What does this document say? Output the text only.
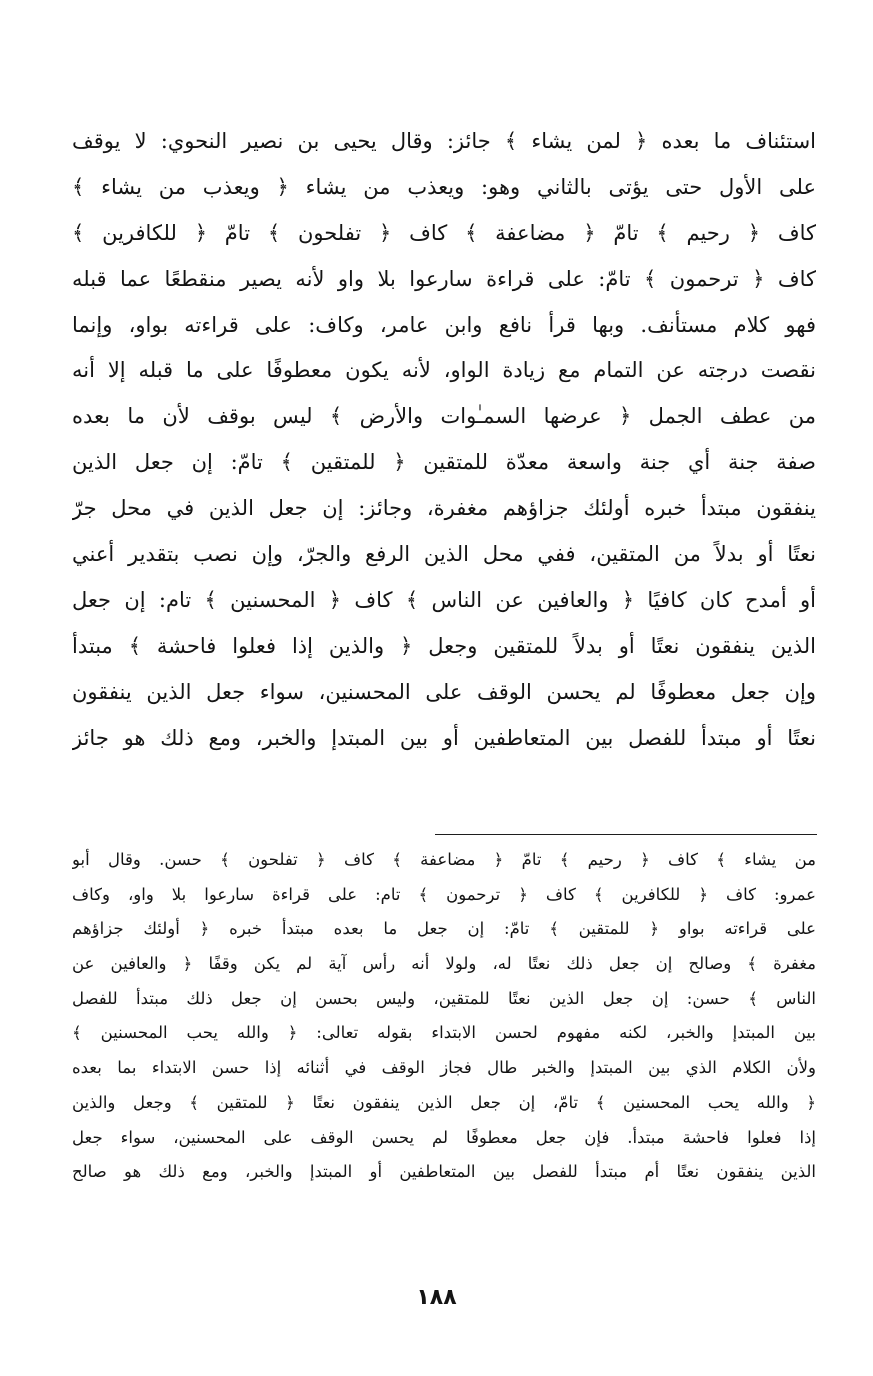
استئناف ما بعده ﴿ لمن يشاء ﴾ جائز: وقال يحيى بن نصير النحوي: لا يوقف
على الأول حتى يؤتى بالثاني وهو: ويعذب من يشاء ﴿ ويعذب من يشاء ﴾
كاف ﴿ رحيم ﴾ تامّ ﴿ مضاعفة ﴾ كاف ﴿ تفلحون ﴾ تامّ ﴿ للكافرين ﴾
كاف ﴿ ترحمون ﴾ تامّ: على قراءة سارعوا بلا واو لأنه يصير منقطعًا عما قبله
فهو كلام مستأنف. وبها قرأ نافع وابن عامر، وكاف: على قراءته بواو، وإنما
نقصت درجته عن التمام مع زيادة الواو، لأنه يكون معطوفًا على ما قبله إلا أنه
من عطف الجمل ﴿ عرضها السمـٰوات والأرض ﴾ ليس بوقف لأن ما بعده
صفة جنة أي جنة واسعة معدّة للمتقين ﴿ للمتقين ﴾ تامّ: إن جعل الذين
ينفقون مبتدأ خبره أولئك جزاؤهم مغفرة، وجائز: إن جعل الذين في محل جرّ
نعتًا أو بدلاً من المتقين، ففي محل الذين الرفع والجرّ، وإن نصب بتقدير أعني
أو أمدح كان كافيًا ﴿ والعافين عن الناس ﴾ كاف ﴿ المحسنين ﴾ تام: إن جعل
الذين ينفقون نعتًا أو بدلاً للمتقين وجعل ﴿ والذين إذا فعلوا فاحشة ﴾ مبتدأ
وإن جعل معطوفًا لم يحسن الوقف على المحسنين، سواء جعل الذين ينفقون
نعتًا أو مبتدأ للفصل بين المتعاطفين أو بين المبتدإ والخبر، ومع ذلك هو جائز
من يشاء ﴾ كاف ﴿ رحيم ﴾ تامّ ﴿ مضاعفة ﴾ كاف ﴿ تفلحون ﴾ حسن. وقال أبو
عمرو: كاف ﴿ للكافرين ﴾ كاف ﴿ ترحمون ﴾ تام: على قراءة سارعوا بلا واو، وكاف
على قراءته بواو ﴿ للمتقين ﴾ تامّ: إن جعل ما بعده مبتدأ خبره ﴿ أولئك جزاؤهم
مغفرة ﴾ وصالح إن جعل ذلك نعتًا له، ولولا أنه رأس آية لم يكن وقفًا ﴿ والعافين عن
الناس ﴾ حسن: إن جعل الذين نعتًا للمتقين، وليس بحسن إن جعل ذلك مبتدأ للفصل
بين المبتدإ والخبر، لكنه مفهوم لحسن الابتداء بقوله تعالى: ﴿ والله يحب المحسنين ﴾
ولأن الكلام الذي بين المبتدإ والخبر طال فجاز الوقف في أثنائه إذا حسن الابتداء بما بعده
﴿ والله يحب المحسنين ﴾ تامّ، إن جعل الذين ينفقون نعتًا ﴿ للمتقين ﴾ وجعل والذين
إذا فعلوا فاحشة مبتدأ. فإن جعل معطوفًا لم يحسن الوقف على المحسنين، سواء جعل
الذين ينفقون نعتًا أم مبتدأ للفصل بين المتعاطفين أو المبتدإ والخبر، ومع ذلك هو صالح
١٨٨
